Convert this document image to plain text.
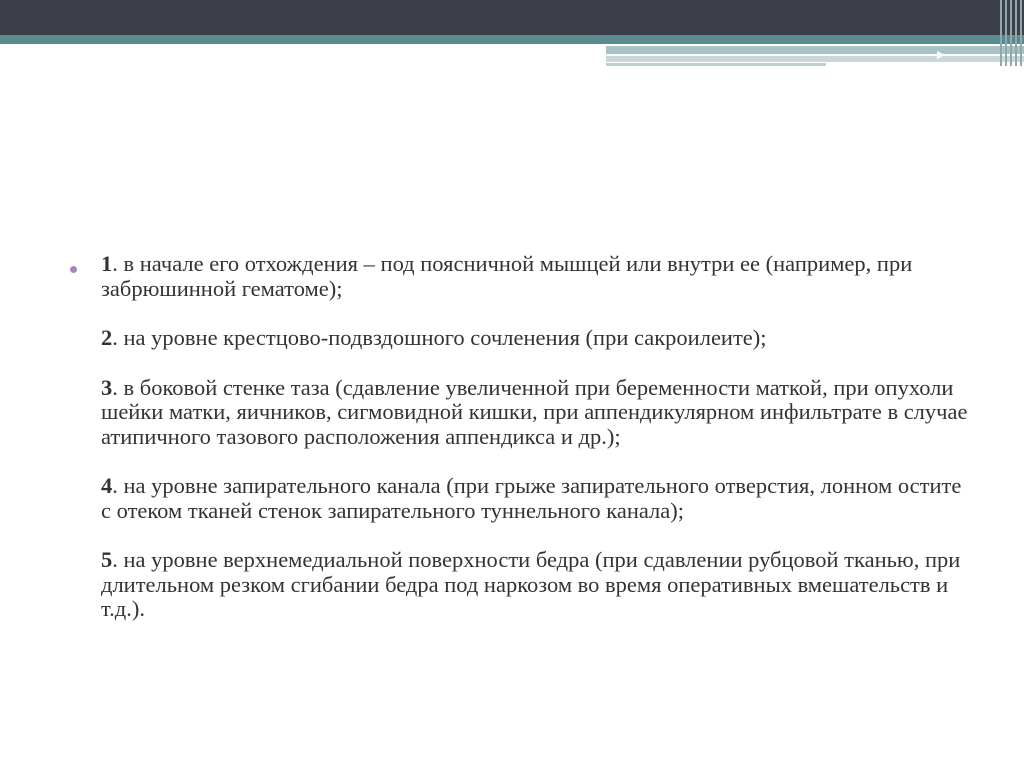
1. в начале его отхождения – под поясничной мышцей или внутри ее (например, при забрюшинной гематоме);
2. на уровне крестцово-подвздошного сочленения (при сакроилеите);
3. в боковой стенке таза (сдавление увеличенной при беременности маткой, при опухоли шейки матки, яичников, сигмовидной кишки, при аппендикулярном инфильтрате в случае атипичного тазового расположения аппендикса и др.);
4. на уровне запирательного канала (при грыже запирательного отверстия, лонном остите с отеком тканей стенок запирательного туннельного канала);
5. на уровне верхнемедиальной поверхности бедра (при сдавлении рубцовой тканью, при длительном резком сгибании бедра под наркозом во время оперативных вмешательств и т.д.).
